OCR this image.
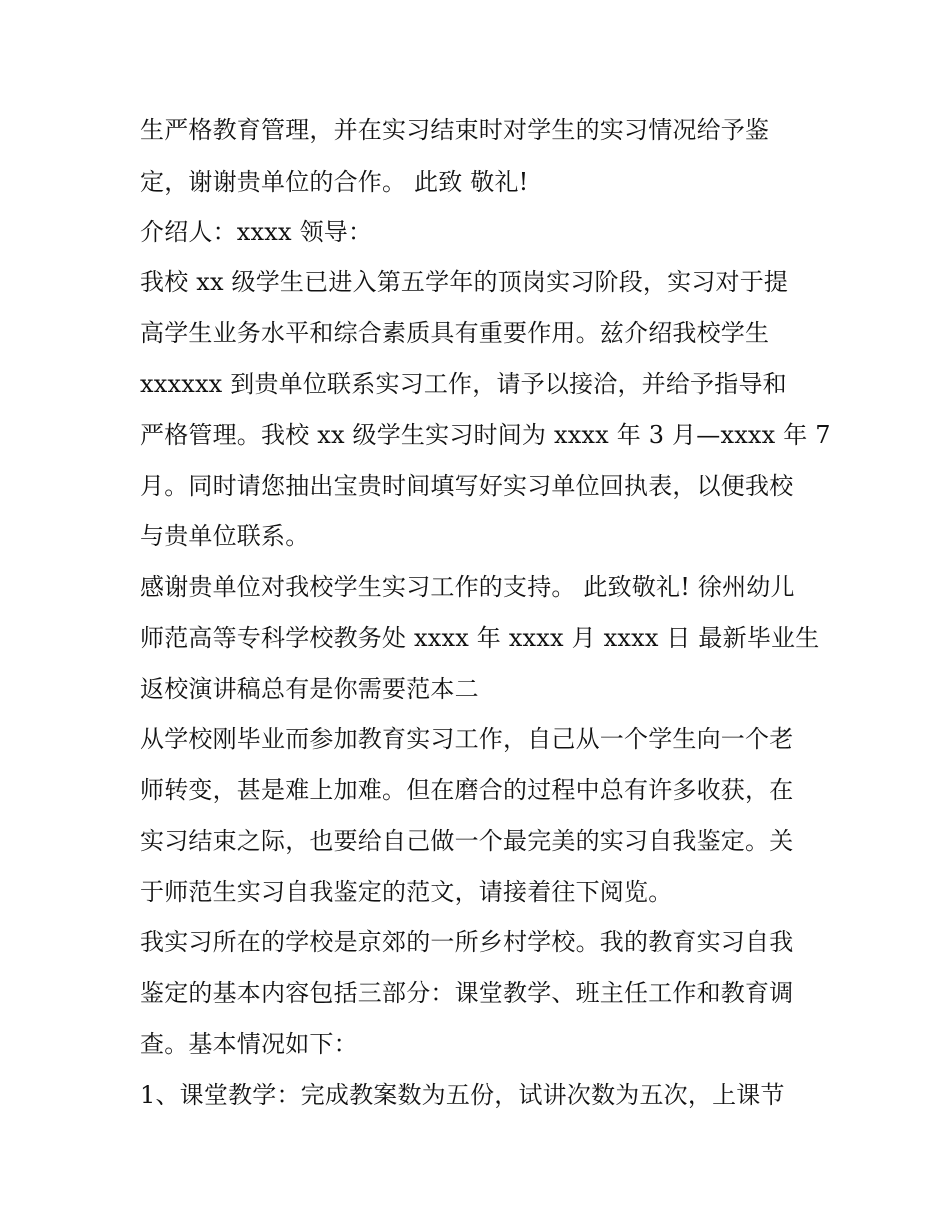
生严格教育管理，并在实习结束时对学生的实习情况给予鉴
定，谢谢贵单位的合作。 此致 敬礼!
介绍人：xxxx 领导：
我校 xx 级学生已进入第五学年的顶岗实习阶段，实习对于提
高学生业务水平和综合素质具有重要作用。兹介绍我校学生
xxxxxx 到贵单位联系实习工作，请予以接洽，并给予指导和
严格管理。我校 xx 级学生实习时间为 xxxx 年 3 月—xxxx 年 7
月。同时请您抽出宝贵时间填写好实习单位回执表，以便我校
与贵单位联系。
感谢贵单位对我校学生实习工作的支持。 此致敬礼! 徐州幼儿
师范高等专科学校教务处 xxxx 年 xxxx 月 xxxx 日 最新毕业生
返校演讲稿总有是你需要范本二
从学校刚毕业而参加教育实习工作，自己从一个学生向一个老
师转变，甚是难上加难。但在磨合的过程中总有许多收获，在
实习结束之际，也要给自己做一个最完美的实习自我鉴定。关
于师范生实习自我鉴定的范文，请接着往下阅览。
我实习所在的学校是京郊的一所乡村学校。我的教育实习自我
鉴定的基本内容包括三部分：课堂教学、班主任工作和教育调
查。基本情况如下：
1、课堂教学：完成教案数为五份，试讲次数为五次，上课节
